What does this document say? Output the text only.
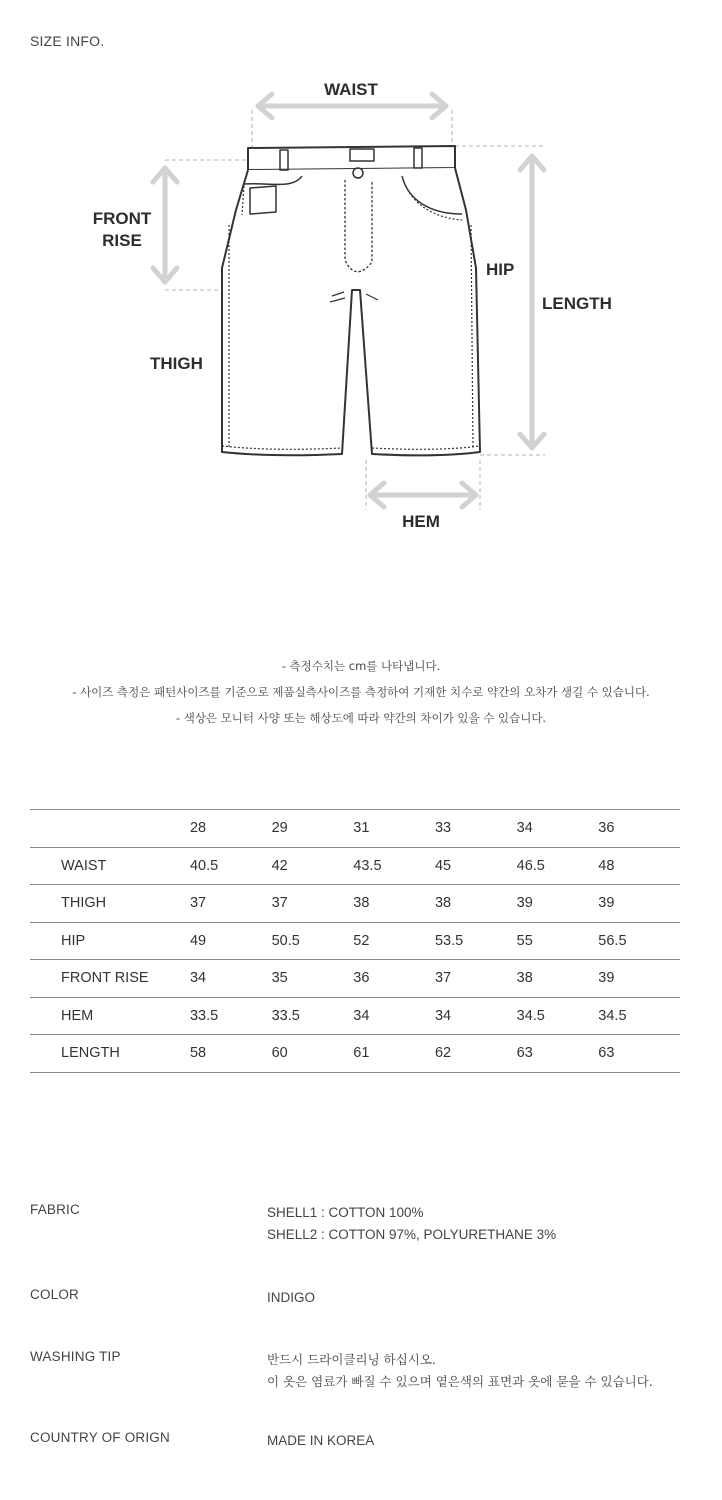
SIZE INFO.
WAIST
FRONT
RISE
HIP
LENGTH
THIGH
HEM
- 측정수치는 cm를 나타냅니다.
- 사이즈 측정은 패턴사이즈를 기준으로 제품실측사이즈를 측정하여 기재한 치수로 약간의 오차가 생길 수 있습니다.
- 색상은 모니터 사양 또는 해상도에 따라 약간의 차이가 있을 수 있습니다.
	28	29	31	33	34	36
WAIST	40.5	42	43.5	45	46.5	48
THIGH	37	37	38	38	39	39
HIP	49	50.5	52	53.5	55	56.5
FRONT RISE	34	35	36	37	38	39
HEM	33.5	33.5	34	34	34.5	34.5
LENGTH	58	60	61	62	63	63
FABRIC	SHELL1 : COTTON 100%
SHELL2 : COTTON 97%, POLYURETHANE 3%
COLOR	INDIGO
WASHING TIP	반드시 드라이클리닝 하십시오.
이 옷은 염료가 빠질 수 있으며 옅은색의 표면과 옷에 묻을 수 있습니다.
COUNTRY OF ORIGN	MADE IN KOREA
